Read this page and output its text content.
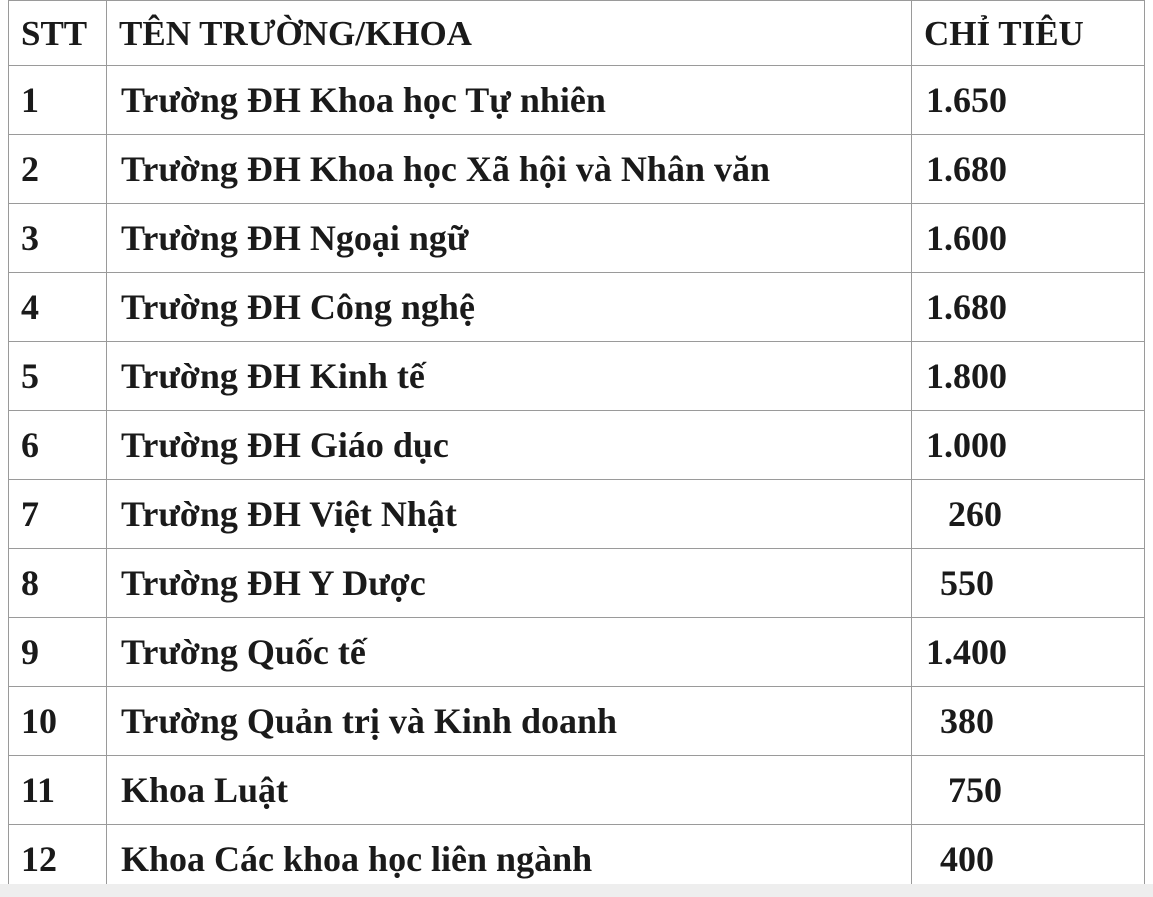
STT	TÊN TRƯỜNG/KHOA	CHỈ TIÊU
1	Trường ĐH Khoa học Tự nhiên	1.650
2	Trường ĐH Khoa học Xã hội và Nhân văn	1.680
3	Trường ĐH Ngoại ngữ	1.600
4	Trường ĐH Công nghệ	1.680
5	Trường ĐH Kinh tế	1.800
6	Trường ĐH Giáo dục	1.000
7	Trường ĐH Việt Nhật	260
8	Trường ĐH Y Dược	550
9	Trường Quốc tế	1.400
10	Trường Quản trị và Kinh doanh	380
11	Khoa Luật	750
12	Khoa Các khoa học liên ngành	400
